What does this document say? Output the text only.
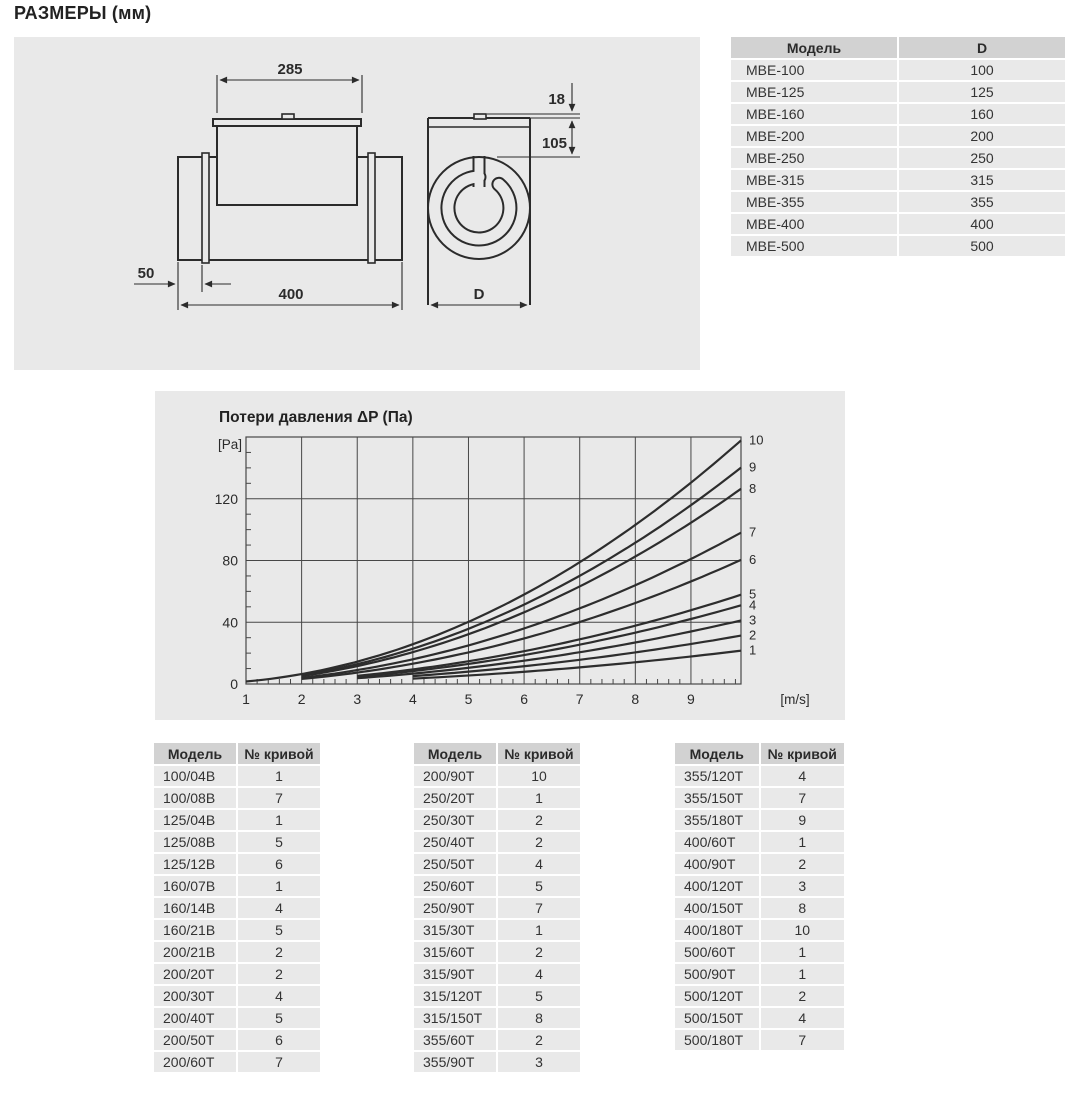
РАЗМЕРЫ (мм)
285
50
400
18
105
D
Модель	D
MBE-100	100
MBE-125	125
MBE-160	160
MBE-200	200
MBE-250	250
MBE-315	315
MBE-355	355
MBE-400	400
MBE-500	500
Потери давления ΔP (Па)
[Pa]
[m/s]
1
2
3
4
5
6
7
8
9
10
0
40
80
120
1	2	3	4	5	6	7	8	9
Модель	№ кривой
100/04B	1
100/08B	7
125/04B	1
125/08B	5
125/12B	6
160/07B	1
160/14B	4
160/21B	5
200/21B	2
200/20T	2
200/30T	4
200/40T	5
200/50T	6
200/60T	7
Модель	№ кривой
200/90T	10
250/20T	1
250/30T	2
250/40T	2
250/50T	4
250/60T	5
250/90T	7
315/30T	1
315/60T	2
315/90T	4
315/120T	5
315/150T	8
355/60T	2
355/90T	3
Модель	№ кривой
355/120T	4
355/150T	7
355/180T	9
400/60T	1
400/90T	2
400/120T	3
400/150T	8
400/180T	10
500/60T	1
500/90T	1
500/120T	2
500/150T	4
500/180T	7
